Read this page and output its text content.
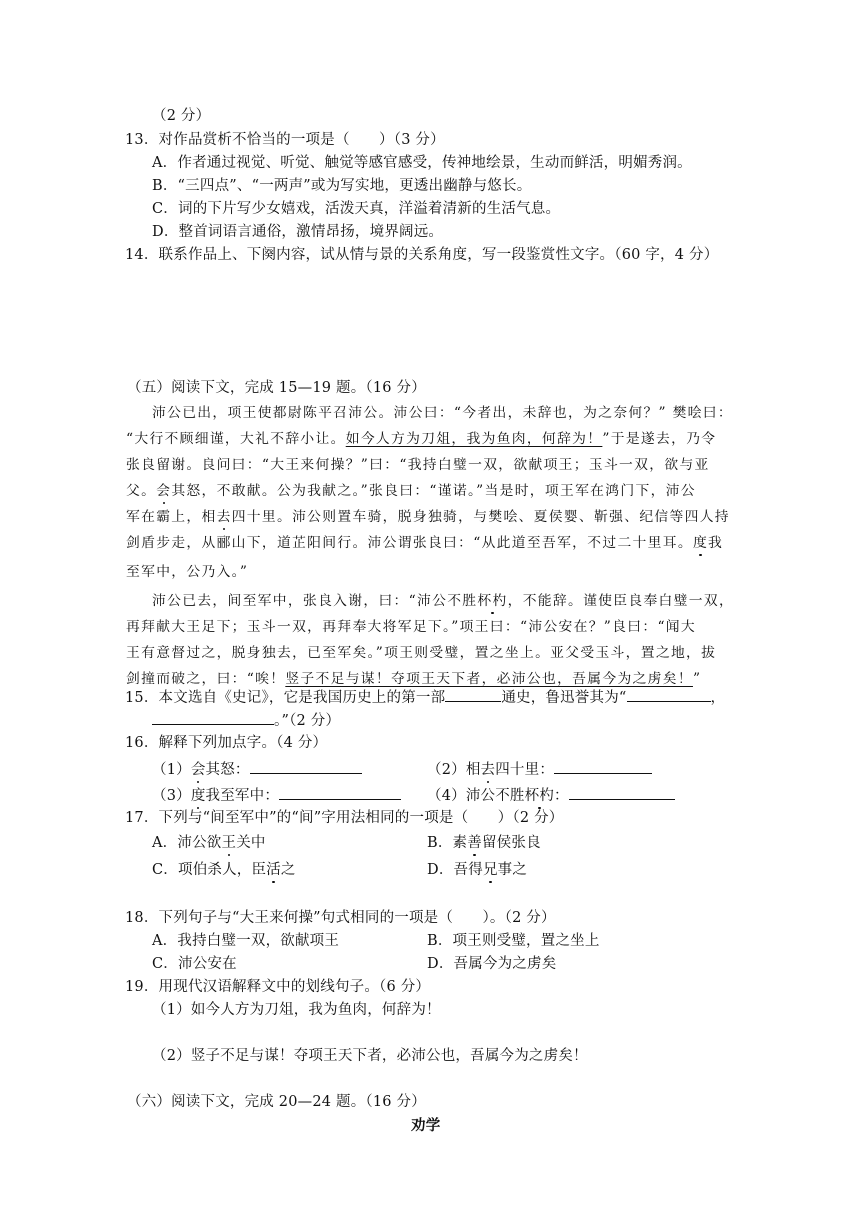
（2 分）
13．对作品赏析不恰当的一项是（　　）（3 分）
A．作者通过视觉、听觉、触觉等感官感受，传神地绘景，生动而鲜活，明媚秀润。
B．“三四点”、“一两声”或为写实地，更透出幽静与悠长。
C．词的下片写少女嬉戏，活泼天真，洋溢着清新的生活气息。
D．整首词语言通俗，激情昂扬，境界阔远。
14．联系作品上、下阕内容，试从情与景的关系角度，写一段鉴赏性文字。（60 字，4 分）
（五）阅读下文，完成 15—19 题。（16 分）
沛公已出，项王使都尉陈平召沛公。沛公曰：“今者出，未辞也，为之奈何？” 樊哙曰：
“大行不顾细谨，大礼不辞小让。如今人方为刀俎，我为鱼肉，何辞为！”于是遂去，乃令
张良留谢。良问曰：“大王来何操？”曰：“我持白璧一双，欲献项王；玉斗一双，欲与亚
父。会其怒，不敢献。公为我献之。”张良曰：“谨诺。”当是时，项王军在鸿门下，沛公
军在霸上，相去四十里。沛公则置车骑，脱身独骑，与樊哙、夏侯婴、靳强、纪信等四人持
剑盾步走，从郦山下，道芷阳间行。沛公谓张良曰：“从此道至吾军，不过二十里耳。度我
至军中，公乃入。”
沛公已去，间至军中，张良入谢，曰：“沛公不胜杯杓，不能辞。谨使臣良奉白璧一双，
再拜献大王足下；玉斗一双，再拜奉大将军足下。”项王曰：“沛公安在？”良曰：“闻大
王有意督过之，脱身独去，已至军矣。”项王则受璧，置之坐上。亚父受玉斗，置之地，拔
剑撞而破之，曰：“唉！竖子不足与谋！夺项王天下者，必沛公也，吾属今为之虏矣！”
15．本文选自《史记》，它是我国历史上的第一部	通史，鲁迅誉其为“	，
。”（2 分）
16．解释下列加点字。（4 分）
（1）会其怒：	（2）相去四十里：
（3）度我至军中：	（4）沛公不胜杯杓：
17．下列与“间至军中”的“间”字用法相同的一项是（　　）（2 分）
A．沛公欲王关中	B．素善留侯张良
C．项伯杀人，臣活之	D．吾得兄事之
18．下列句子与“大王来何操”句式相同的一项是（　　）。（2 分）
A．我持白璧一双，欲献项王	B．项王则受璧，置之坐上
C．沛公安在	D．吾属今为之虏矣
19．用现代汉语解释文中的划线句子。（6 分）
（1）如今人方为刀俎，我为鱼肉，何辞为！
（2）竖子不足与谋！夺项王天下者，必沛公也，吾属今为之虏矣！
（六）阅读下文，完成 20—24 题。（16 分）
劝学
